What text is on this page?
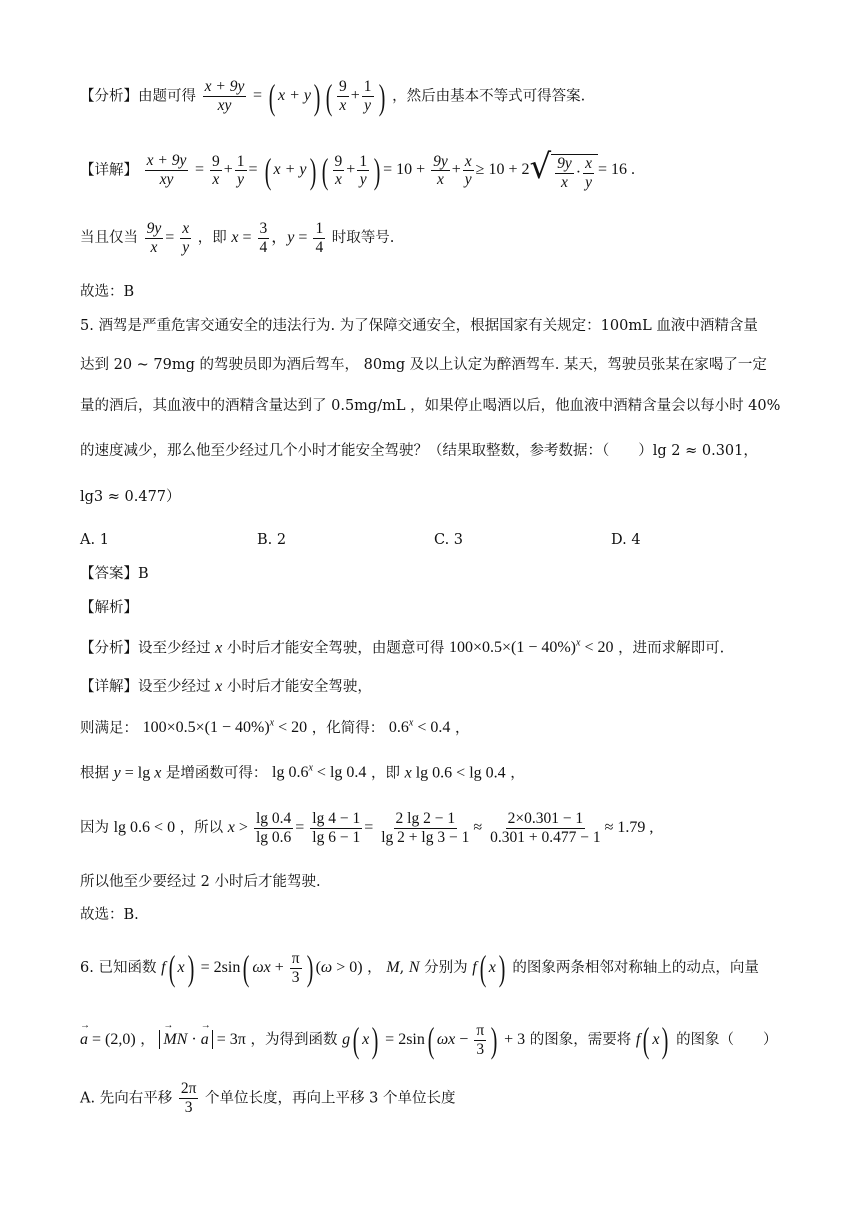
【分析】由题可得 $\frac{x + 9y}{xy}$ = ( x + y) ( $\frac{9}{x} + \frac{1}{y}$ ) ，然后由基本不等式可得答案.
【详解】 $\frac{x + 9y}{xy} = \frac{9}{x} + \frac{1}{y}$ = ( x + y) ( $\frac{9}{x} + \frac{1}{y}$ ) = $10 + \frac{9y}{x} + \frac{x}{y} \ge 10 + 2$ √ $\frac{9y}{x} \cdot \frac{x}{y} = 16$ .
当且仅当 $\frac{9y}{x} = \frac{x}{y}$ ，即 $x = \frac{3}{4}$ ，$y = \frac{1}{4}$ 时取等号.
故选：B
5. 酒驾是严重危害交通安全的违法行为. 为了保障交通安全，根据国家有关规定：100mL 血液中酒精含量
达到 20 ~ 79mg 的驾驶员即为酒后驾车， 80mg 及以上认定为醉酒驾车. 某天，驾驶员张某在家喝了一定
量的酒后，其血液中的酒精含量达到了 0.5mg/mL ，如果停止喝酒以后，他血液中酒精含量会以每小时 40%
的速度减少，那么他至少经过几个小时才能安全驾驶？（结果取整数，参考数据：（　　）lg 2 ≈ 0.301，
lg3 ≈ 0.477）
A. 1	B. 2	C. 3	D. 4
【答案】B
【解析】
【分析】设至少经过 x 小时后才能安全驾驶，由题意可得 $100\times 0.5\times(1 - 40\%)^x < 20$ ，进而求解即可.
【详解】设至少经过 x 小时后才能安全驾驶，
则满足： $100\times 0.5\times(1 - 40\%)^x < 20$ ，化简得： $0.6^x < 0.4$ ，
根据 y = lg x 是增函数可得： $\lg 0.6^x < \lg 0.4$ ，即 x lg 0.6 < lg 0.4 ，
因为 lg 0.6 < 0 ，所以 $x > \frac{\lg 0.4}{\lg 0.6} = \frac{\lg 4 - 1}{\lg 6 - 1} = \frac{2 \lg 2 - 1}{\lg 2 + \lg 3 - 1} \approx \frac{2\times 0.301 - 1}{0.301 + 0.477 - 1} \approx 1.79$ ,
所以他至少要经过 2 小时后才能驾驶.
故选：B.
6. 已知函数 f( x) = 2sin( $\omega x + \frac{\pi}{3}$ ) (ω > 0) ， M, N 分别为 f( x) 的图象两条相邻对称轴上的动点，向量
→ a = (2,0) ， → MN · → a = 3π ，为得到函数 g( x) = 2sin( $\omega x - \frac{\pi}{3}$ ) + 3 的图象，需要将 f( x) 的图象（　　）
A. 先向右平移 $\frac{2\pi}{3}$ 个单位长度，再向上平移 3 个单位长度
